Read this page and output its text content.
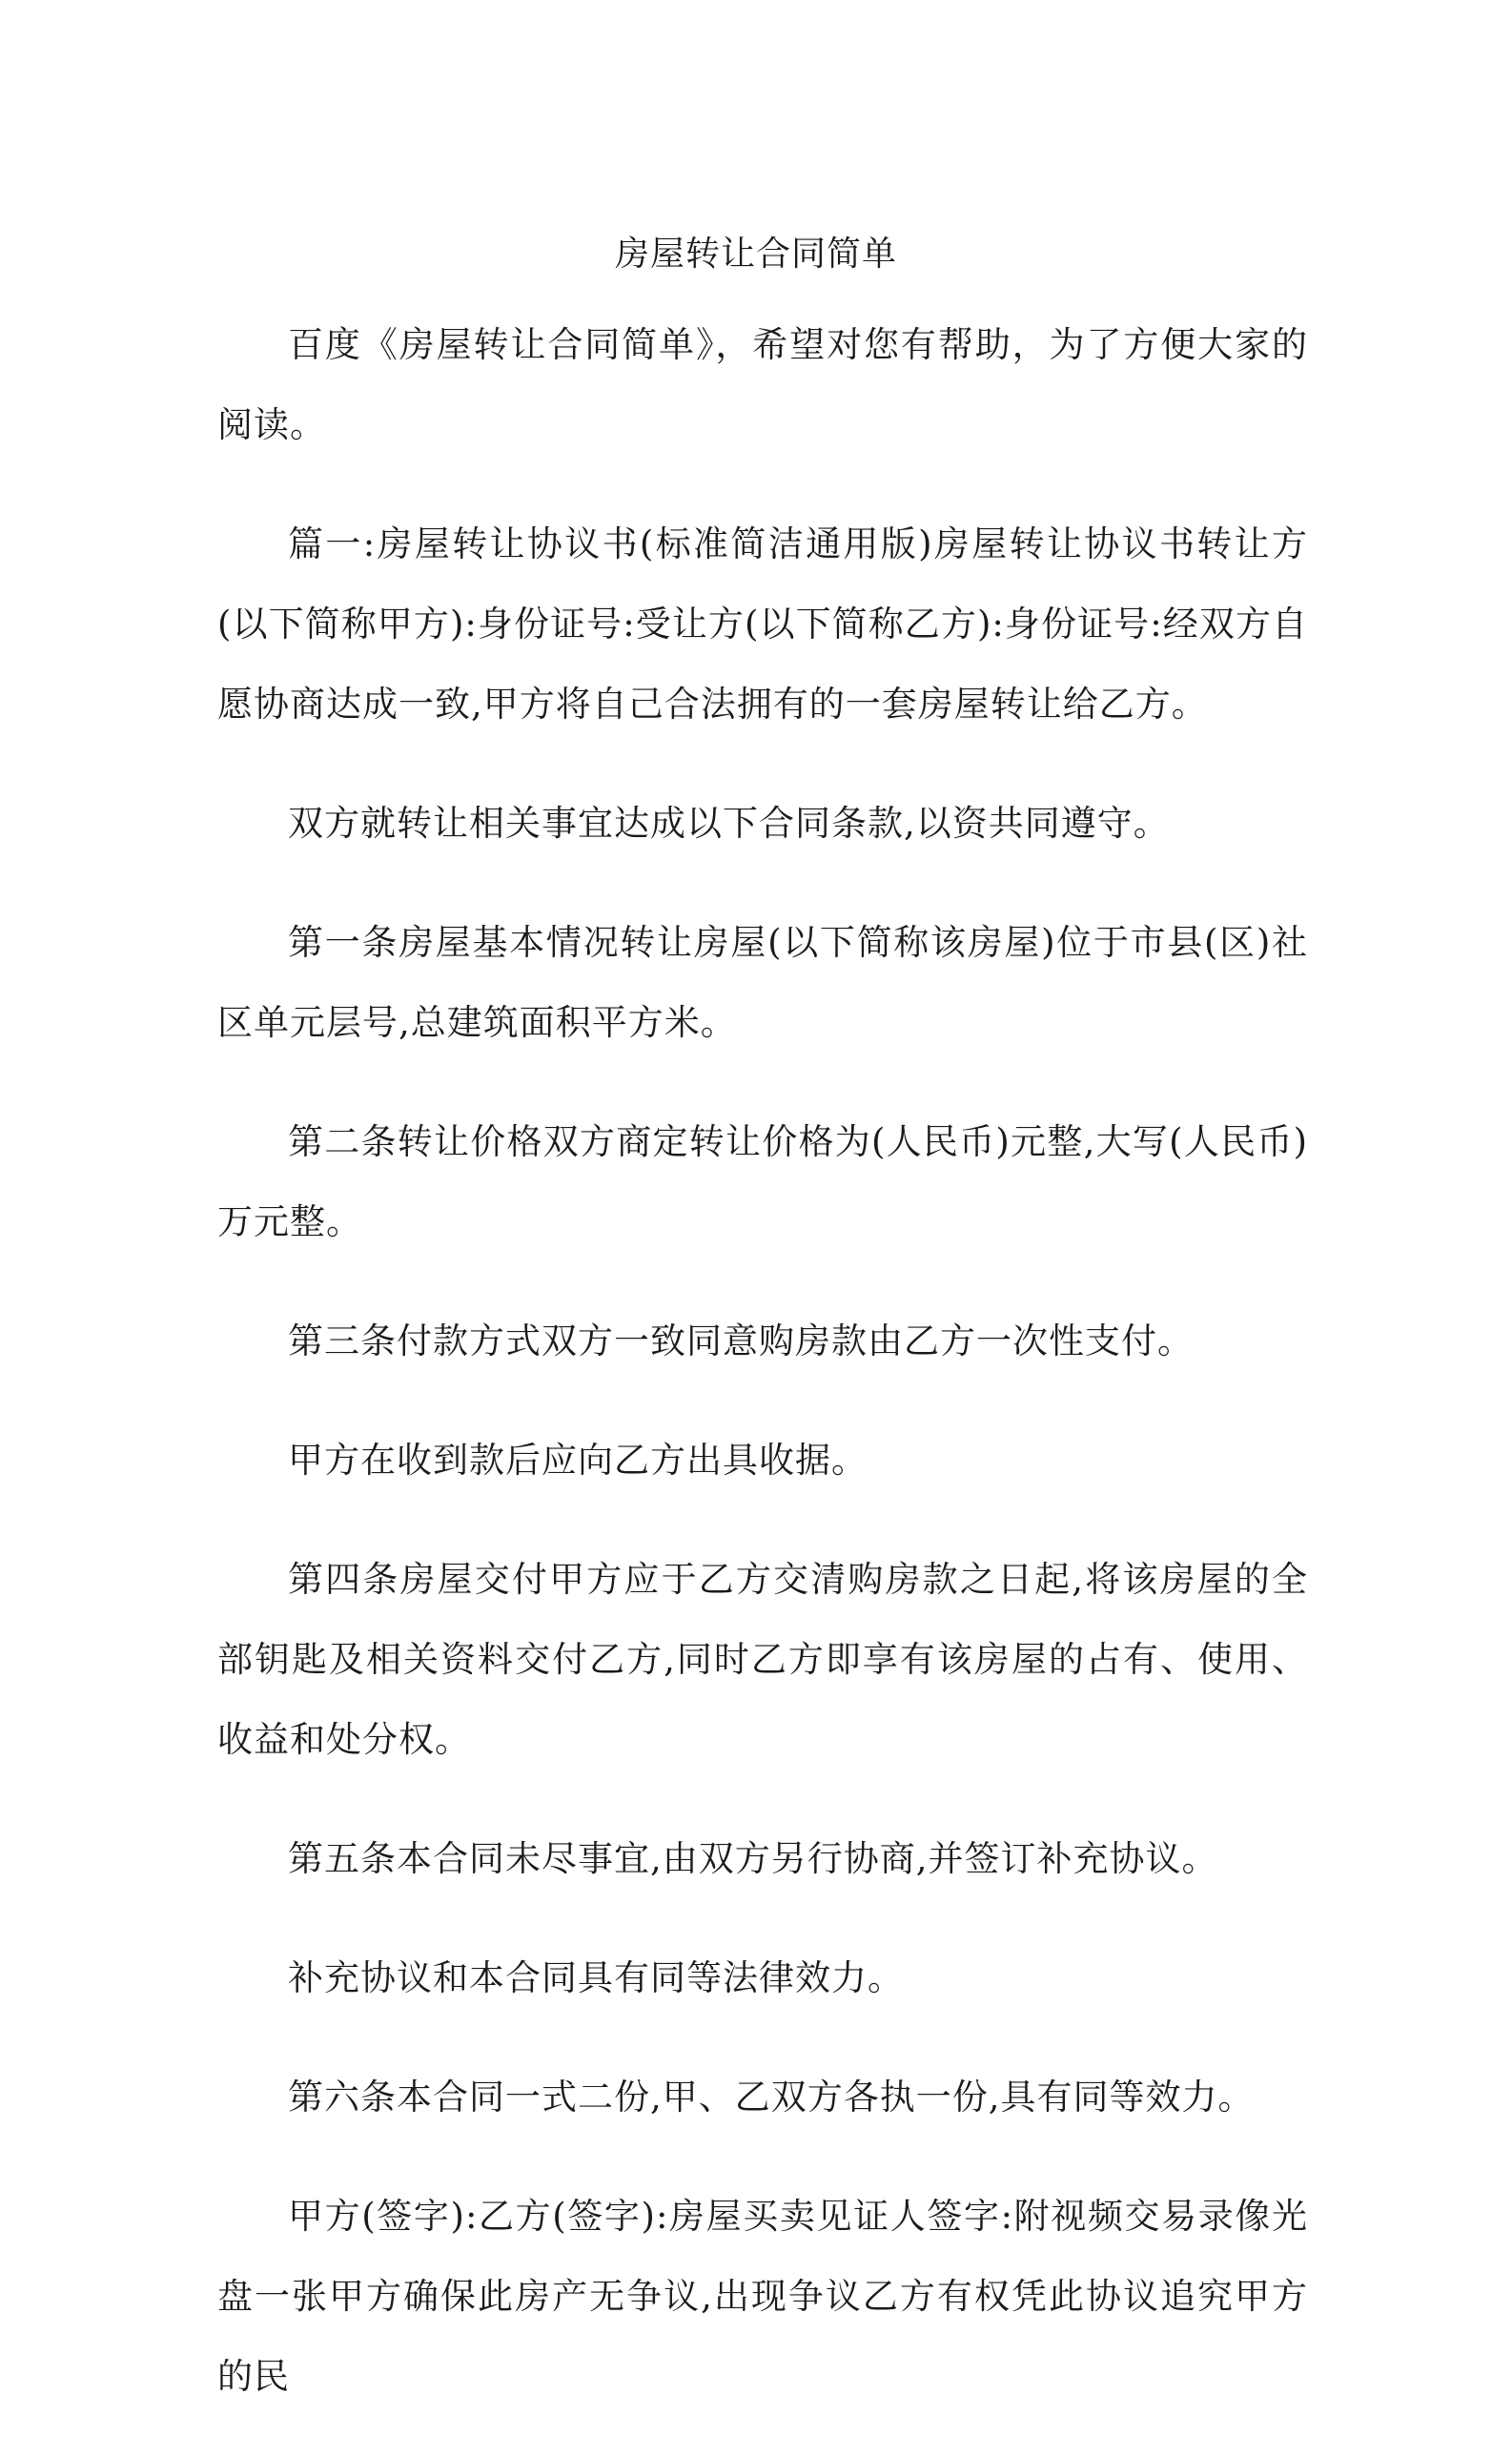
房屋转让合同简单

百度《房屋转让合同简单》，希望对您有帮助，为了方便大家的阅读。

篇一:房屋转让协议书(标准简洁通用版)房屋转让协议书转让方(以下简称甲方):身份证号:受让方(以下简称乙方):身份证号:经双方自愿协商达成一致,甲方将自己合法拥有的一套房屋转让给乙方。

双方就转让相关事宜达成以下合同条款,以资共同遵守。

第一条房屋基本情况转让房屋(以下简称该房屋)位于市县(区)社区单元层号,总建筑面积平方米。

第二条转让价格双方商定转让价格为(人民币)元整,大写(人民币)万元整。

第三条付款方式双方一致同意购房款由乙方一次性支付。

甲方在收到款后应向乙方出具收据。

第四条房屋交付甲方应于乙方交清购房款之日起,将该房屋的全部钥匙及相关资料交付乙方,同时乙方即享有该房屋的占有、使用、收益和处分权。

第五条本合同未尽事宜,由双方另行协商,并签订补充协议。

补充协议和本合同具有同等法律效力。

第六条本合同一式二份,甲、乙双方各执一份,具有同等效力。

甲方(签字):乙方(签字):房屋买卖见证人签字:附视频交易录像光盘一张甲方确保此房产无争议,出现争议乙方有权凭此协议追究甲方的民
